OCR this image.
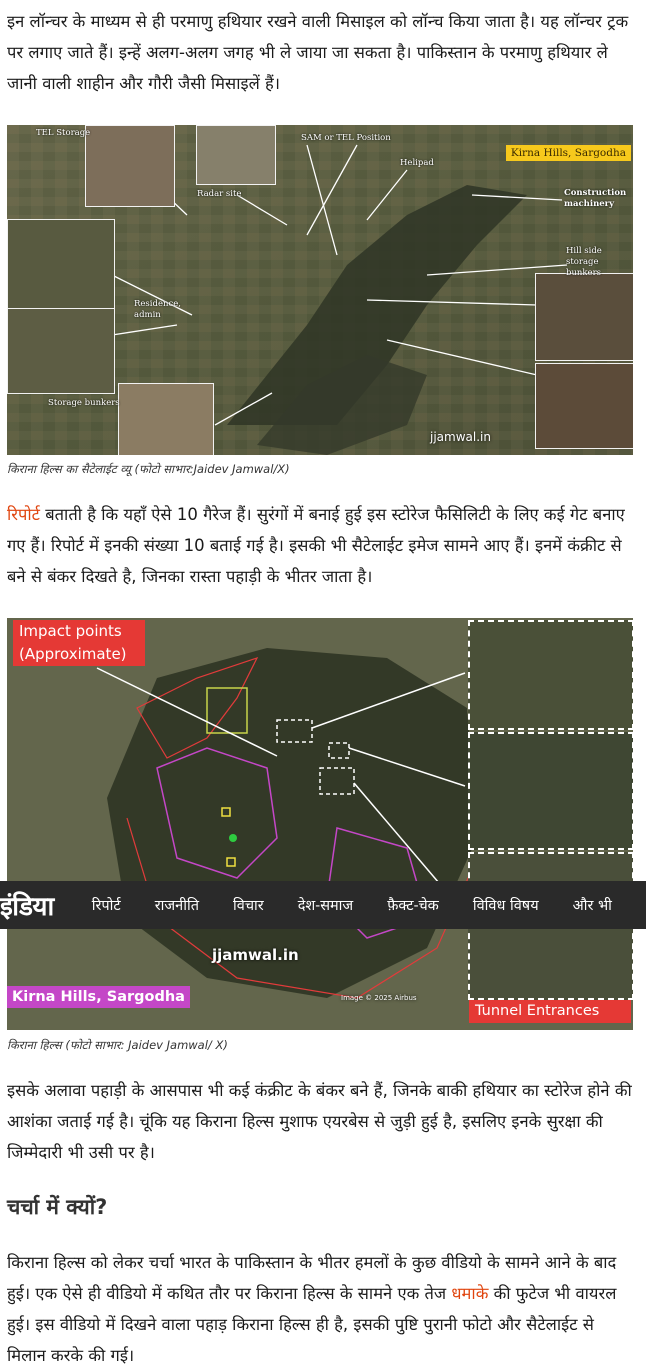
इन लॉन्चर के माध्यम से ही परमाणु हथियार रखने वाली मिसाइल को लॉन्च किया जाता है। यह लॉन्चर ट्रक पर लगाए जाते हैं। इन्हें अलग-अलग जगह भी ले जाया जा सकता है। पाकिस्तान के परमाणु हथियार ले जानी वाली शाहीन और गौरी जैसी मिसाइलें हैं।

TEL Storage
Radar site
SAM or TEL Position
Helipad
Kirna Hills, Sargodha
Construction machinery
Hill side storage bunkers
Residence, admin
Storage bunkers
jjamwal.in
किराना हिल्स का सैटेलाईट व्यू (फोटो साभार:Jaidev Jamwal/X)

रिपोर्ट बताती है कि यहाँ ऐसे 10 गैरेज हैं। सुरंगों में बनाई हुई इस स्टोरेज फैसिलिटी के लिए कई गेट बनाए गए हैं। रिपोर्ट में इनकी संख्या 10 बताई गई है। इसकी भी सैटेलाईट इमेज सामने आए हैं। इनमें कंक्रीट से बने से बंकर दिखते है, जिनका रास्ता पहाड़ी के भीतर जाता है।

Impact points (Approximate)
jjamwal.in
Kirna Hills, Sargodha
Tunnel Entrances
Image © 2025 Airbus
किराना हिल्स (फोटो साभार: Jaidev Jamwal/ X)

इसके अलावा पहाड़ी के आसपास भी कई कंक्रीट के बंकर बने हैं, जिनके बाकी हथियार का स्टोरेज होने की आशंका जताई गई है। चूंकि यह किराना हिल्स मुशाफ एयरबेस से जुड़ी हुई है, इसलिए इनके सुरक्षा की जिम्मेदारी भी उसी पर है।

चर्चा में क्यों?

किराना हिल्स को लेकर चर्चा भारत के पाकिस्तान के भीतर हमलों के कुछ वीडियो के सामने आने के बाद हुई। एक ऐसे ही वीडियो में कथित तौर पर किराना हिल्स के सामने एक तेज धमाके की फुटेज भी वायरल हुई। इस वीडियो में दिखने वाला पहाड़ किराना हिल्स ही है, इसकी पुष्टि पुरानी फोटो और सैटेलाईट से मिलान करके की गई।

इंडिया	रिपोर्ट राजनीति विचार देश-समाज फ़ैक्ट-चेक विविध विषय और भी
